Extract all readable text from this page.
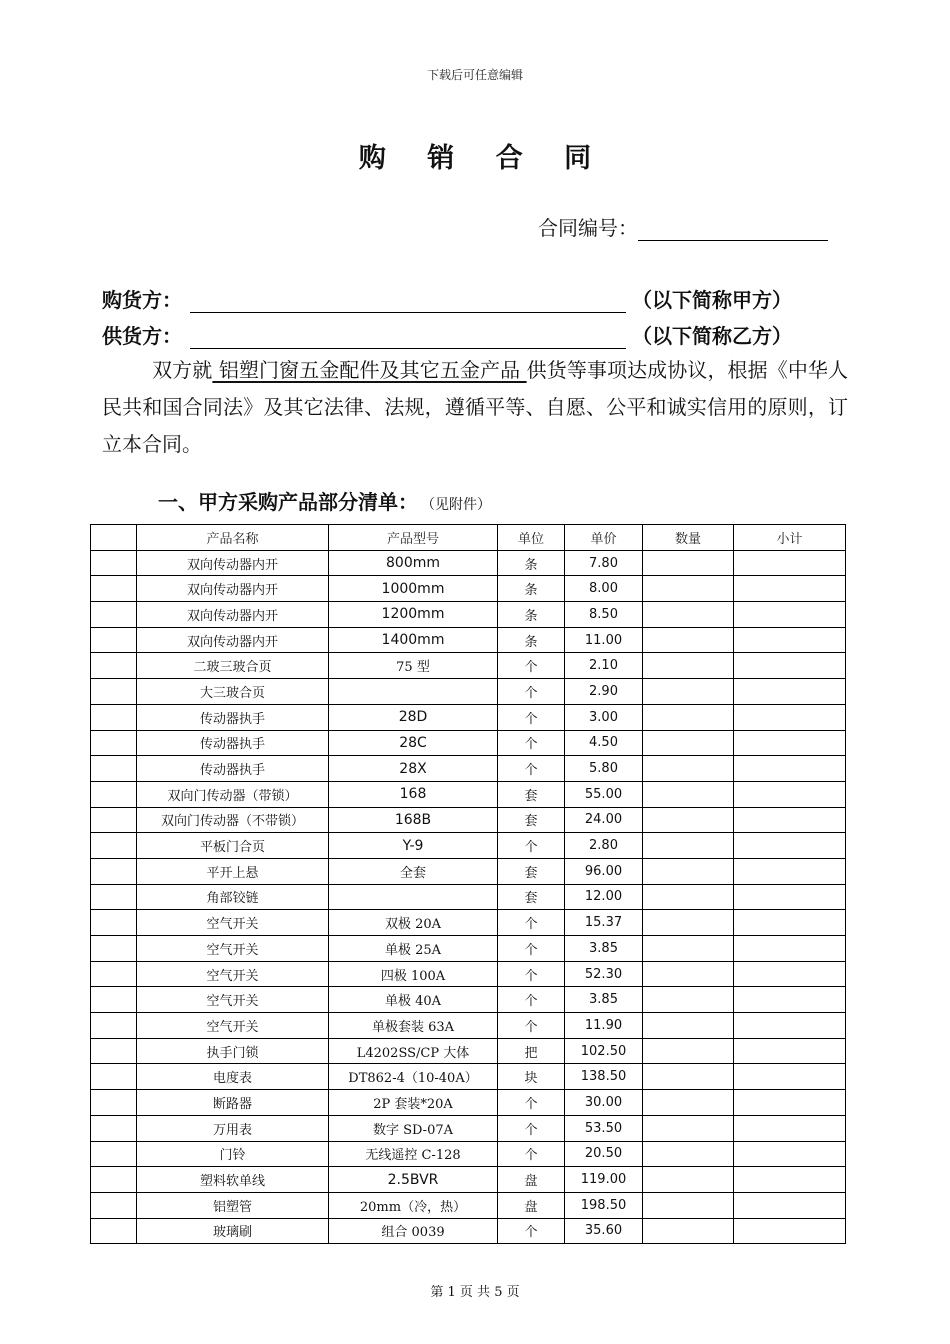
下载后可任意编辑
购 销 合 同
合同编号：
购货方：	（以下简称甲方）
供货方：	（以下简称乙方）
双方就 铝塑门窗五金配件及其它五金产品 供货等事项达成协议，根据《中华人民共和国合同法》及其它法律、法规，遵循平等、自愿、公平和诚实信用的原则，订立本合同。
一、甲方采购产品部分清单： （见附件）
	产品名称	产品型号	单位	单价	数量	小计
	双向传动器内开	800mm	条	7.80		
	双向传动器内开	1000mm	条	8.00		
	双向传动器内开	1200mm	条	8.50		
	双向传动器内开	1400mm	条	11.00		
	二玻三玻合页	75 型	个	2.10		
	大三玻合页		个	2.90		
	传动器执手	28D	个	3.00		
	传动器执手	28C	个	4.50		
	传动器执手	28X	个	5.80		
	双向门传动器（带锁）	168	套	55.00		
	双向门传动器（不带锁）	168B	套	24.00		
	平板门合页	Y-9	个	2.80		
	平开上悬	全套	套	96.00		
	角部铰链		套	12.00		
	空气开关	双极 20A	个	15.37		
	空气开关	单极 25A	个	3.85		
	空气开关	四极 100A	个	52.30		
	空气开关	单极 40A	个	3.85		
	空气开关	单极套装 63A	个	11.90		
	执手门锁	L4202SS/CP 大体	把	102.50		
	电度表	DT862-4（10-40A）	块	138.50		
	断路器	2P 套装*20A	个	30.00		
	万用表	数字 SD-07A	个	53.50		
	门铃	无线遥控 C-128	个	20.50		
	塑料软单线	2.5BVR	盘	119.00		
	铝塑管	20mm（冷，热）	盘	198.50		
	玻璃刷	组合 0039	个	35.60		
第 1 页 共 5 页
